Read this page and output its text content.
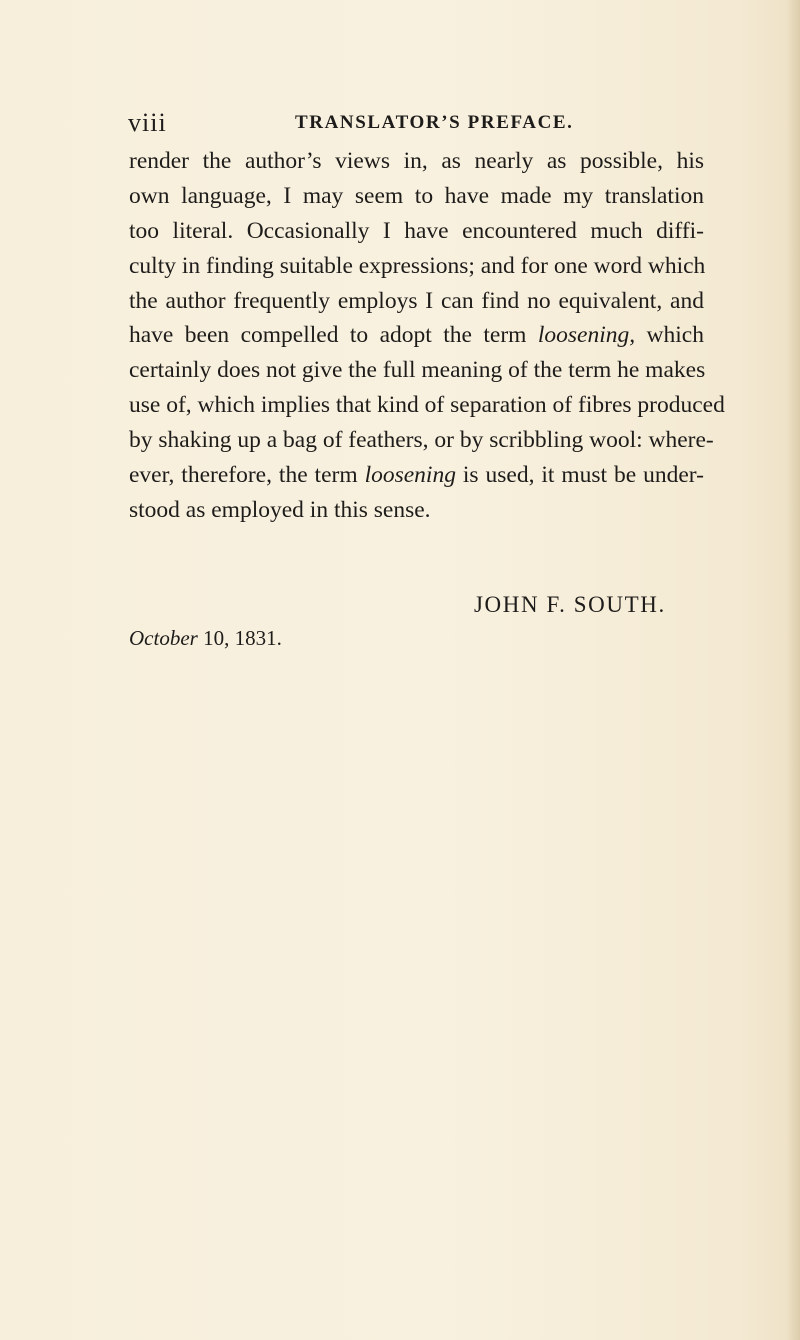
viii	TRANSLATOR’S PREFACE.
render the author’s views in, as nearly as possible, his
own language, I may seem to have made my translation
too literal. Occasionally I have encountered much diffi-
culty in finding suitable expressions; and for one word which
the author frequently employs I can find no equivalent, and
have been compelled to adopt the term loosening, which
certainly does not give the full meaning of the term he makes
use of, which implies that kind of separation of fibres produced
by shaking up a bag of feathers, or by scribbling wool: where-
ever, therefore, the term loosening is used, it must be under-
stood as employed in this sense.
JOHN F. SOUTH.
October 10, 1831.
